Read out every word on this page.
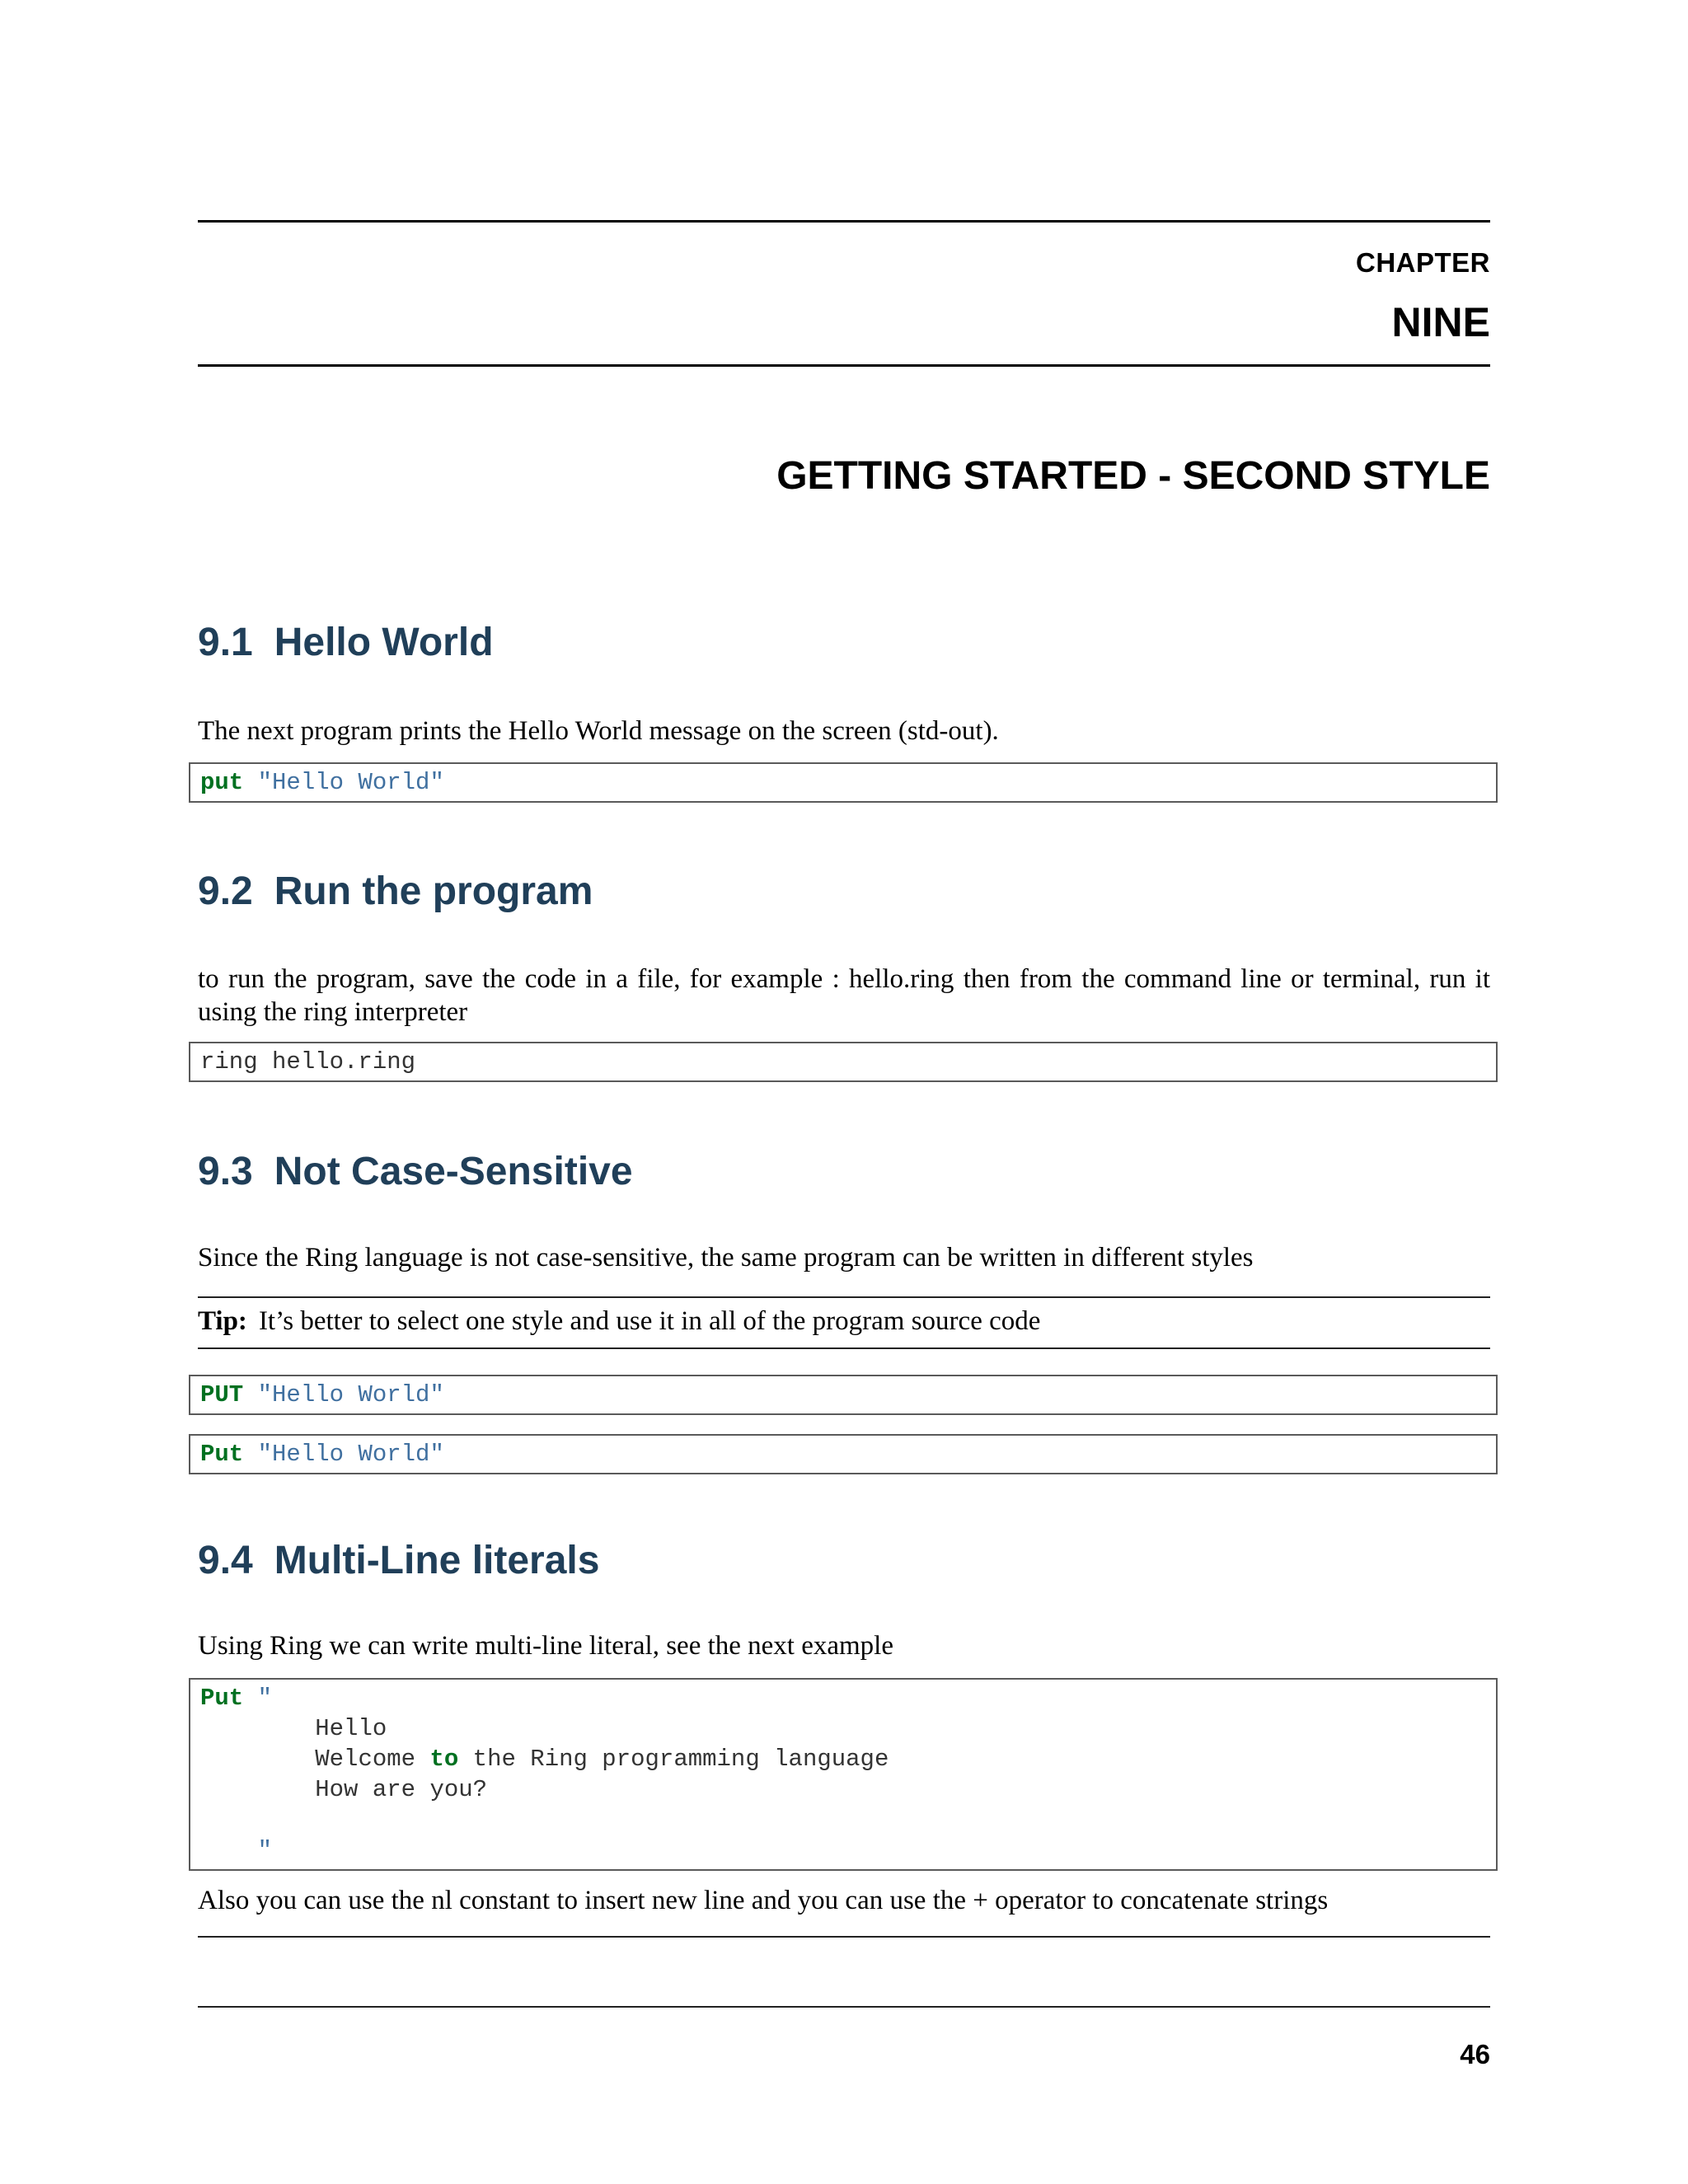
CHAPTER
NINE
GETTING STARTED - SECOND STYLE
9.1 Hello World

The next program prints the Hello World message on the screen (std-out).

put "Hello World"
9.2 Run the program

to run the program, save the code in a file, for example : hello.ring then from the command line or terminal, run it using the ring interpreter

ring hello.ring
9.3 Not Case-Sensitive

Since the Ring language is not case-sensitive, the same program can be written in different styles

Tip: It’s better to select one style and use it in all of the program source code
PUT "Hello World"
Put "Hello World"
9.4 Multi-Line literals

Using Ring we can write multi-line literal, see the next example

Put "
Hello
Welcome to the Ring programming language
How are you?

"

Also you can use the nl constant to insert new line and you can use the + operator to concatenate strings

46
